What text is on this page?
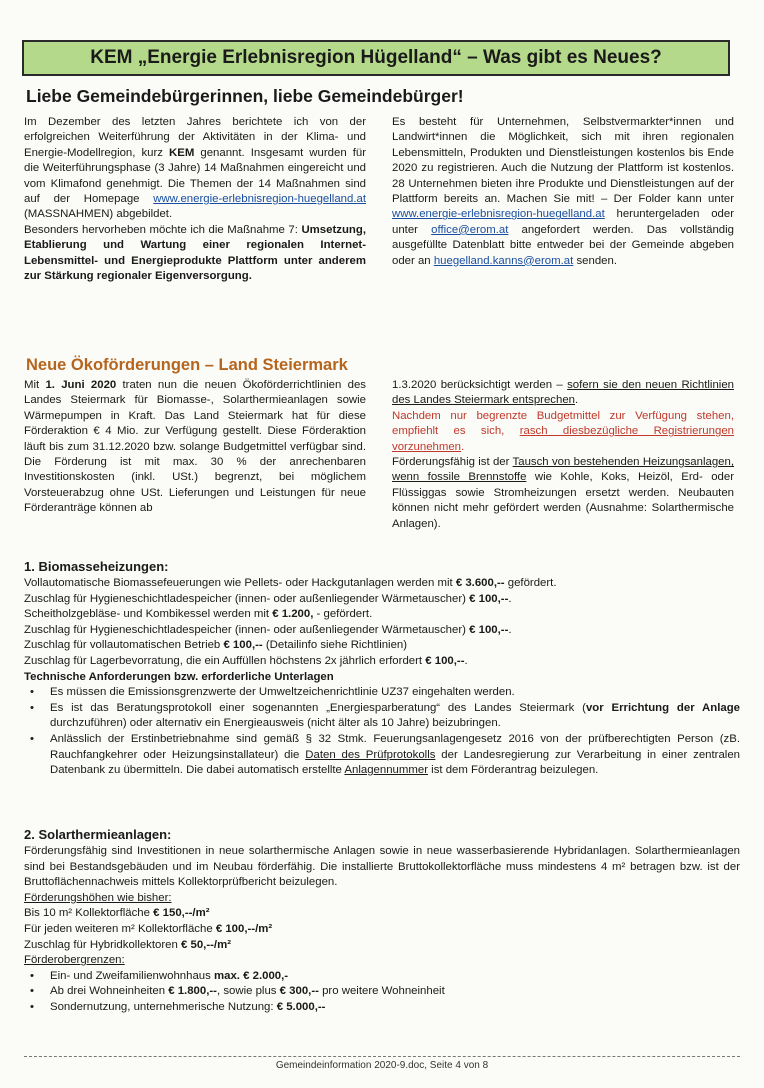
KEM „Energie Erlebnisregion Hügelland“ – Was gibt es Neues?
Liebe Gemeindebürgerinnen, liebe Gemeindebürger!

Im Dezember des letzten Jahres berichtete ich von der erfolgreichen Weiterführung der Aktivitäten in der Klima- und Energie-Modellregion, kurz KEM genannt. Insgesamt wurden für die Weiterführungsphase (3 Jahre) 14 Maßnahmen eingereicht und vom Klimafond genehmigt. Die Themen der 14 Maßnahmen sind auf der Homepage www.energie-erlebnisregion-huegelland.at (MASSNAHMEN) abgebildet.

Besonders hervorheben möchte ich die Maßnahme 7: Umsetzung, Etablierung und Wartung einer regionalen Internet- Lebensmittel- und Energieprodukte Plattform unter anderem zur Stärkung regionaler Eigenversorgung.

Es besteht für Unternehmen, Selbstvermarkter*innen und Landwirt*innen die Möglichkeit, sich mit ihren regionalen Lebensmitteln, Produkten und Dienstleistungen kostenlos bis Ende 2020 zu registrieren. Auch die Nutzung der Plattform ist kostenlos. 28 Unternehmen bieten ihre Produkte und Dienstleistungen auf der Plattform bereits an. Machen Sie mit! – Der Folder kann unter www.energie-erlebnisregion-huegelland.at heruntergeladen oder unter office@erom.at angefordert werden. Das vollständig ausgefüllte Datenblatt bitte entweder bei der Gemeinde abgeben oder an huegelland.kanns@erom.at senden.

Neue Ökoförderungen – Land Steiermark

Mit 1. Juni 2020 traten nun die neuen Ökoförderrichtlinien des Landes Steiermark für Biomasse-, Solarthermieanlagen sowie Wärmepumpen in Kraft. Das Land Steiermark hat für diese Förderaktion € 4 Mio. zur Verfügung gestellt. Diese Förderaktion läuft bis zum 31.12.2020 bzw. solange Budgetmittel verfügbar sind. Die Förderung ist mit max. 30 % der anrechenbaren Investitionskosten (inkl. USt.) begrenzt, bei möglichem Vorsteuerabzug ohne USt. Lieferungen und Leistungen für neue Förderanträge können ab

1.3.2020 berücksichtigt werden – sofern sie den neuen Richtlinien des Landes Steiermark entsprechen.

Nachdem nur begrenzte Budgetmittel zur Verfügung stehen, empfiehlt es sich, rasch diesbezügliche Registrierungen vorzunehmen.

Förderungsfähig ist der Tausch von bestehenden Heizungsanlagen, wenn fossile Brennstoffe wie Kohle, Koks, Heizöl, Erd- oder Flüssiggas sowie Stromheizungen ersetzt werden. Neubauten können nicht mehr gefördert werden (Ausnahme: Solarthermische Anlagen).

1. Biomasseheizungen:

Vollautomatische Biomassefeuerungen wie Pellets- oder Hackgutanlagen werden mit € 3.600,-- gefördert.

Zuschlag für Hygieneschichtladespeicher (innen- oder außenliegender Wärmetauscher) € 100,--.

Scheitholzgebläse- und Kombikessel werden mit € 1.200, - gefördert.

Zuschlag für Hygieneschichtladespeicher (innen- oder außenliegender Wärmetauscher) € 100,--.

Zuschlag für vollautomatischen Betrieb € 100,-- (Detailinfo siehe Richtlinien)

Zuschlag für Lagerbevorratung, die ein Auffüllen höchstens 2x jährlich erfordert € 100,--.

Technische Anforderungen bzw. erforderliche Unterlagen

• Es müssen die Emissionsgrenzwerte der Umweltzeichenrichtlinie UZ37 eingehalten werden.
• Es ist das Beratungsprotokoll einer sogenannten „Energiesparberatung“ des Landes Steiermark (vor Errichtung der Anlage durchzuführen) oder alternativ ein Energieausweis (nicht älter als 10 Jahre) beizubringen.
• Anlässlich der Erstinbetriebnahme sind gemäß § 32 Stmk. Feuerungsanlagengesetz 2016 von der prüfberechtigten Person (zB. Rauchfangkehrer oder Heizungsinstallateur) die Daten des Prüfprotokolls der Landesregierung zur Verarbeitung in einer zentralen Datenbank zu übermitteln. Die dabei automatisch erstellte Anlagennummer ist dem Förderantrag beizulegen.

2. Solarthermieanlagen:

Förderungsfähig sind Investitionen in neue solarthermische Anlagen sowie in neue wasserbasierende Hybridanlagen. Solarthermieanlagen sind bei Bestandsgebäuden und im Neubau förderfähig. Die installierte Bruttokollektorfläche muss mindestens 4 m² betragen bzw. ist der Bruttoflächennachweis mittels Kollektorprüfbericht beizulegen.

Förderungshöhen wie bisher:

Bis 10 m² Kollektorfläche € 150,--/m²

Für jeden weiteren m² Kollektorfläche € 100,--/m²

Zuschlag für Hybridkollektoren € 50,--/m²

Förderobergrenzen:

• Ein- und Zweifamilienwohnhaus max. € 2.000,-
• Ab drei Wohneinheiten € 1.800,--, sowie plus € 300,-- pro weitere Wohneinheit
• Sondernutzung, unternehmerische Nutzung: € 5.000,--
Gemeindeinformation 2020-9.doc, Seite 4 von 8
